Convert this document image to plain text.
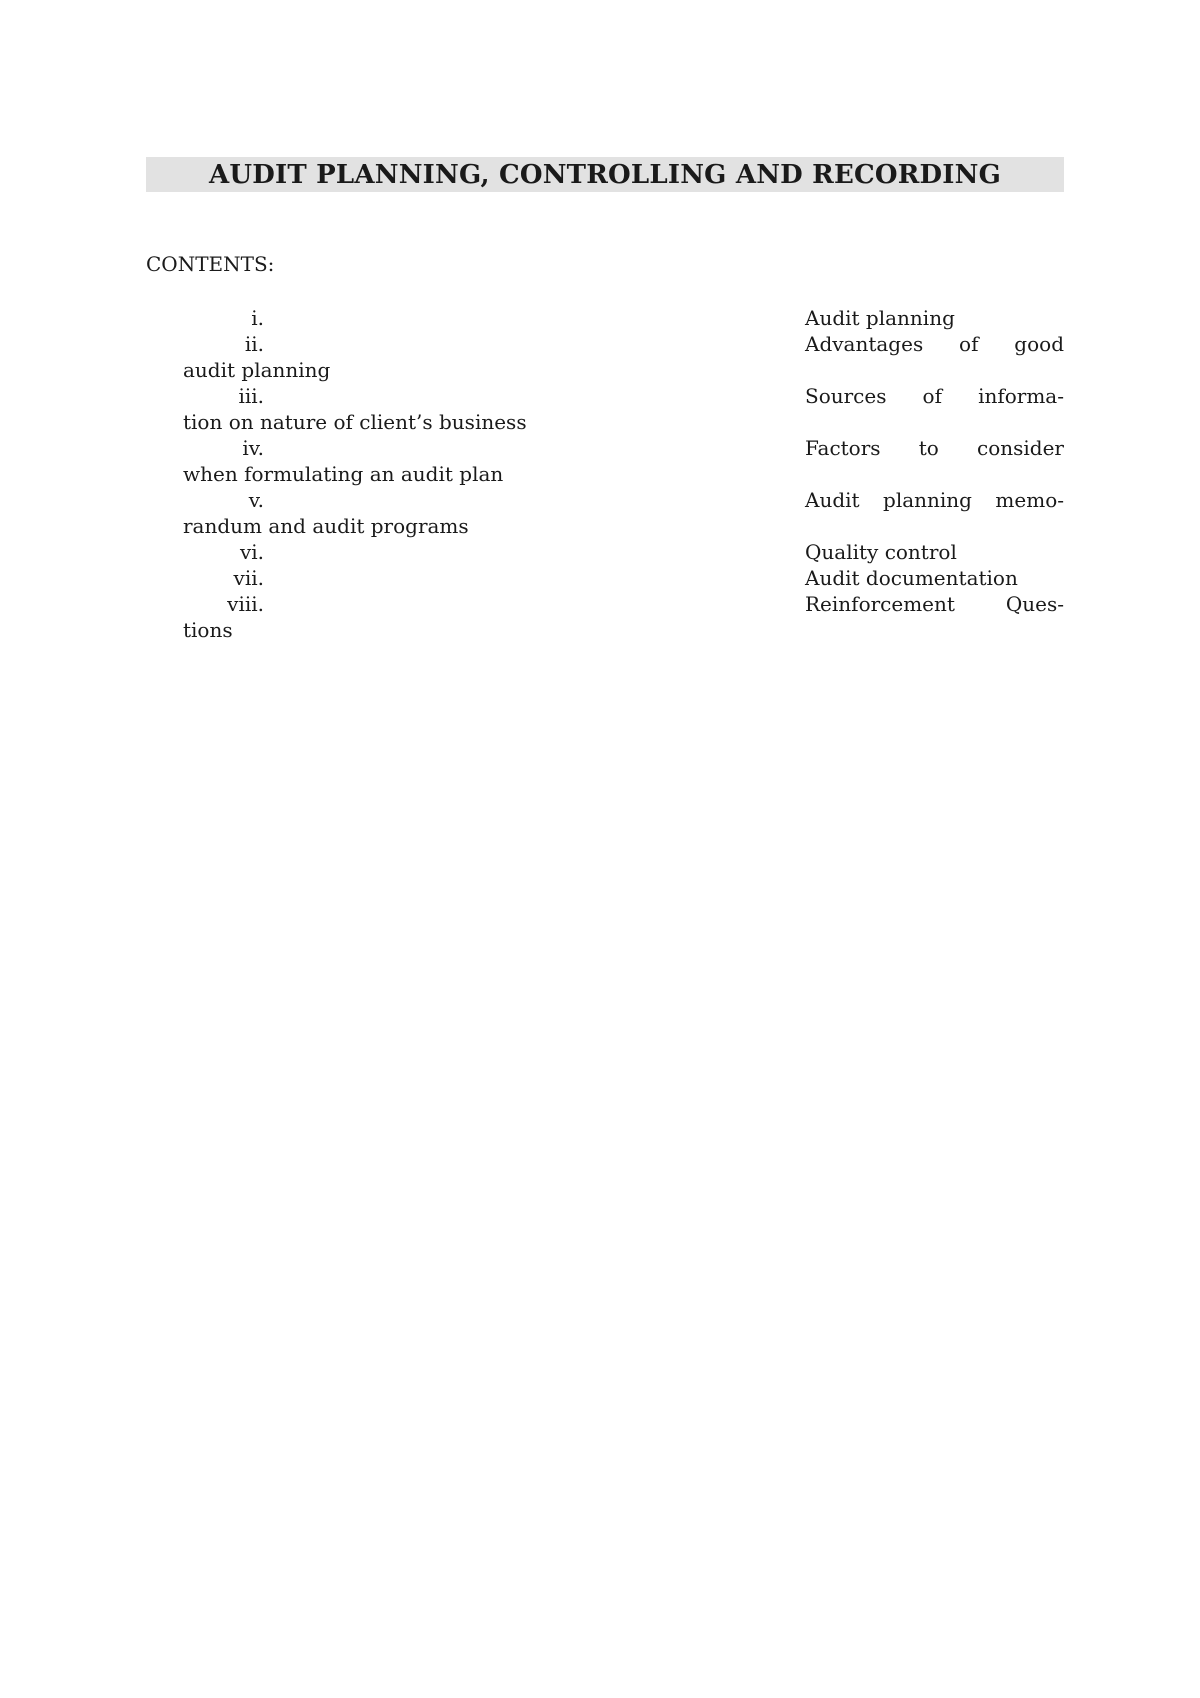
AUDIT PLANNING, CONTROLLING AND RECORDING
CONTENTS:
i.	Audit planning
ii.	Advantages of good
audit planning
iii.	Sources of informa-
tion on nature of client’s business
iv.	Factors to consider
when formulating an audit plan
v.	Audit planning memo-
randum and audit programs
vi.	Quality control
vii.	Audit documentation
viii.	Reinforcement Ques-
tions
